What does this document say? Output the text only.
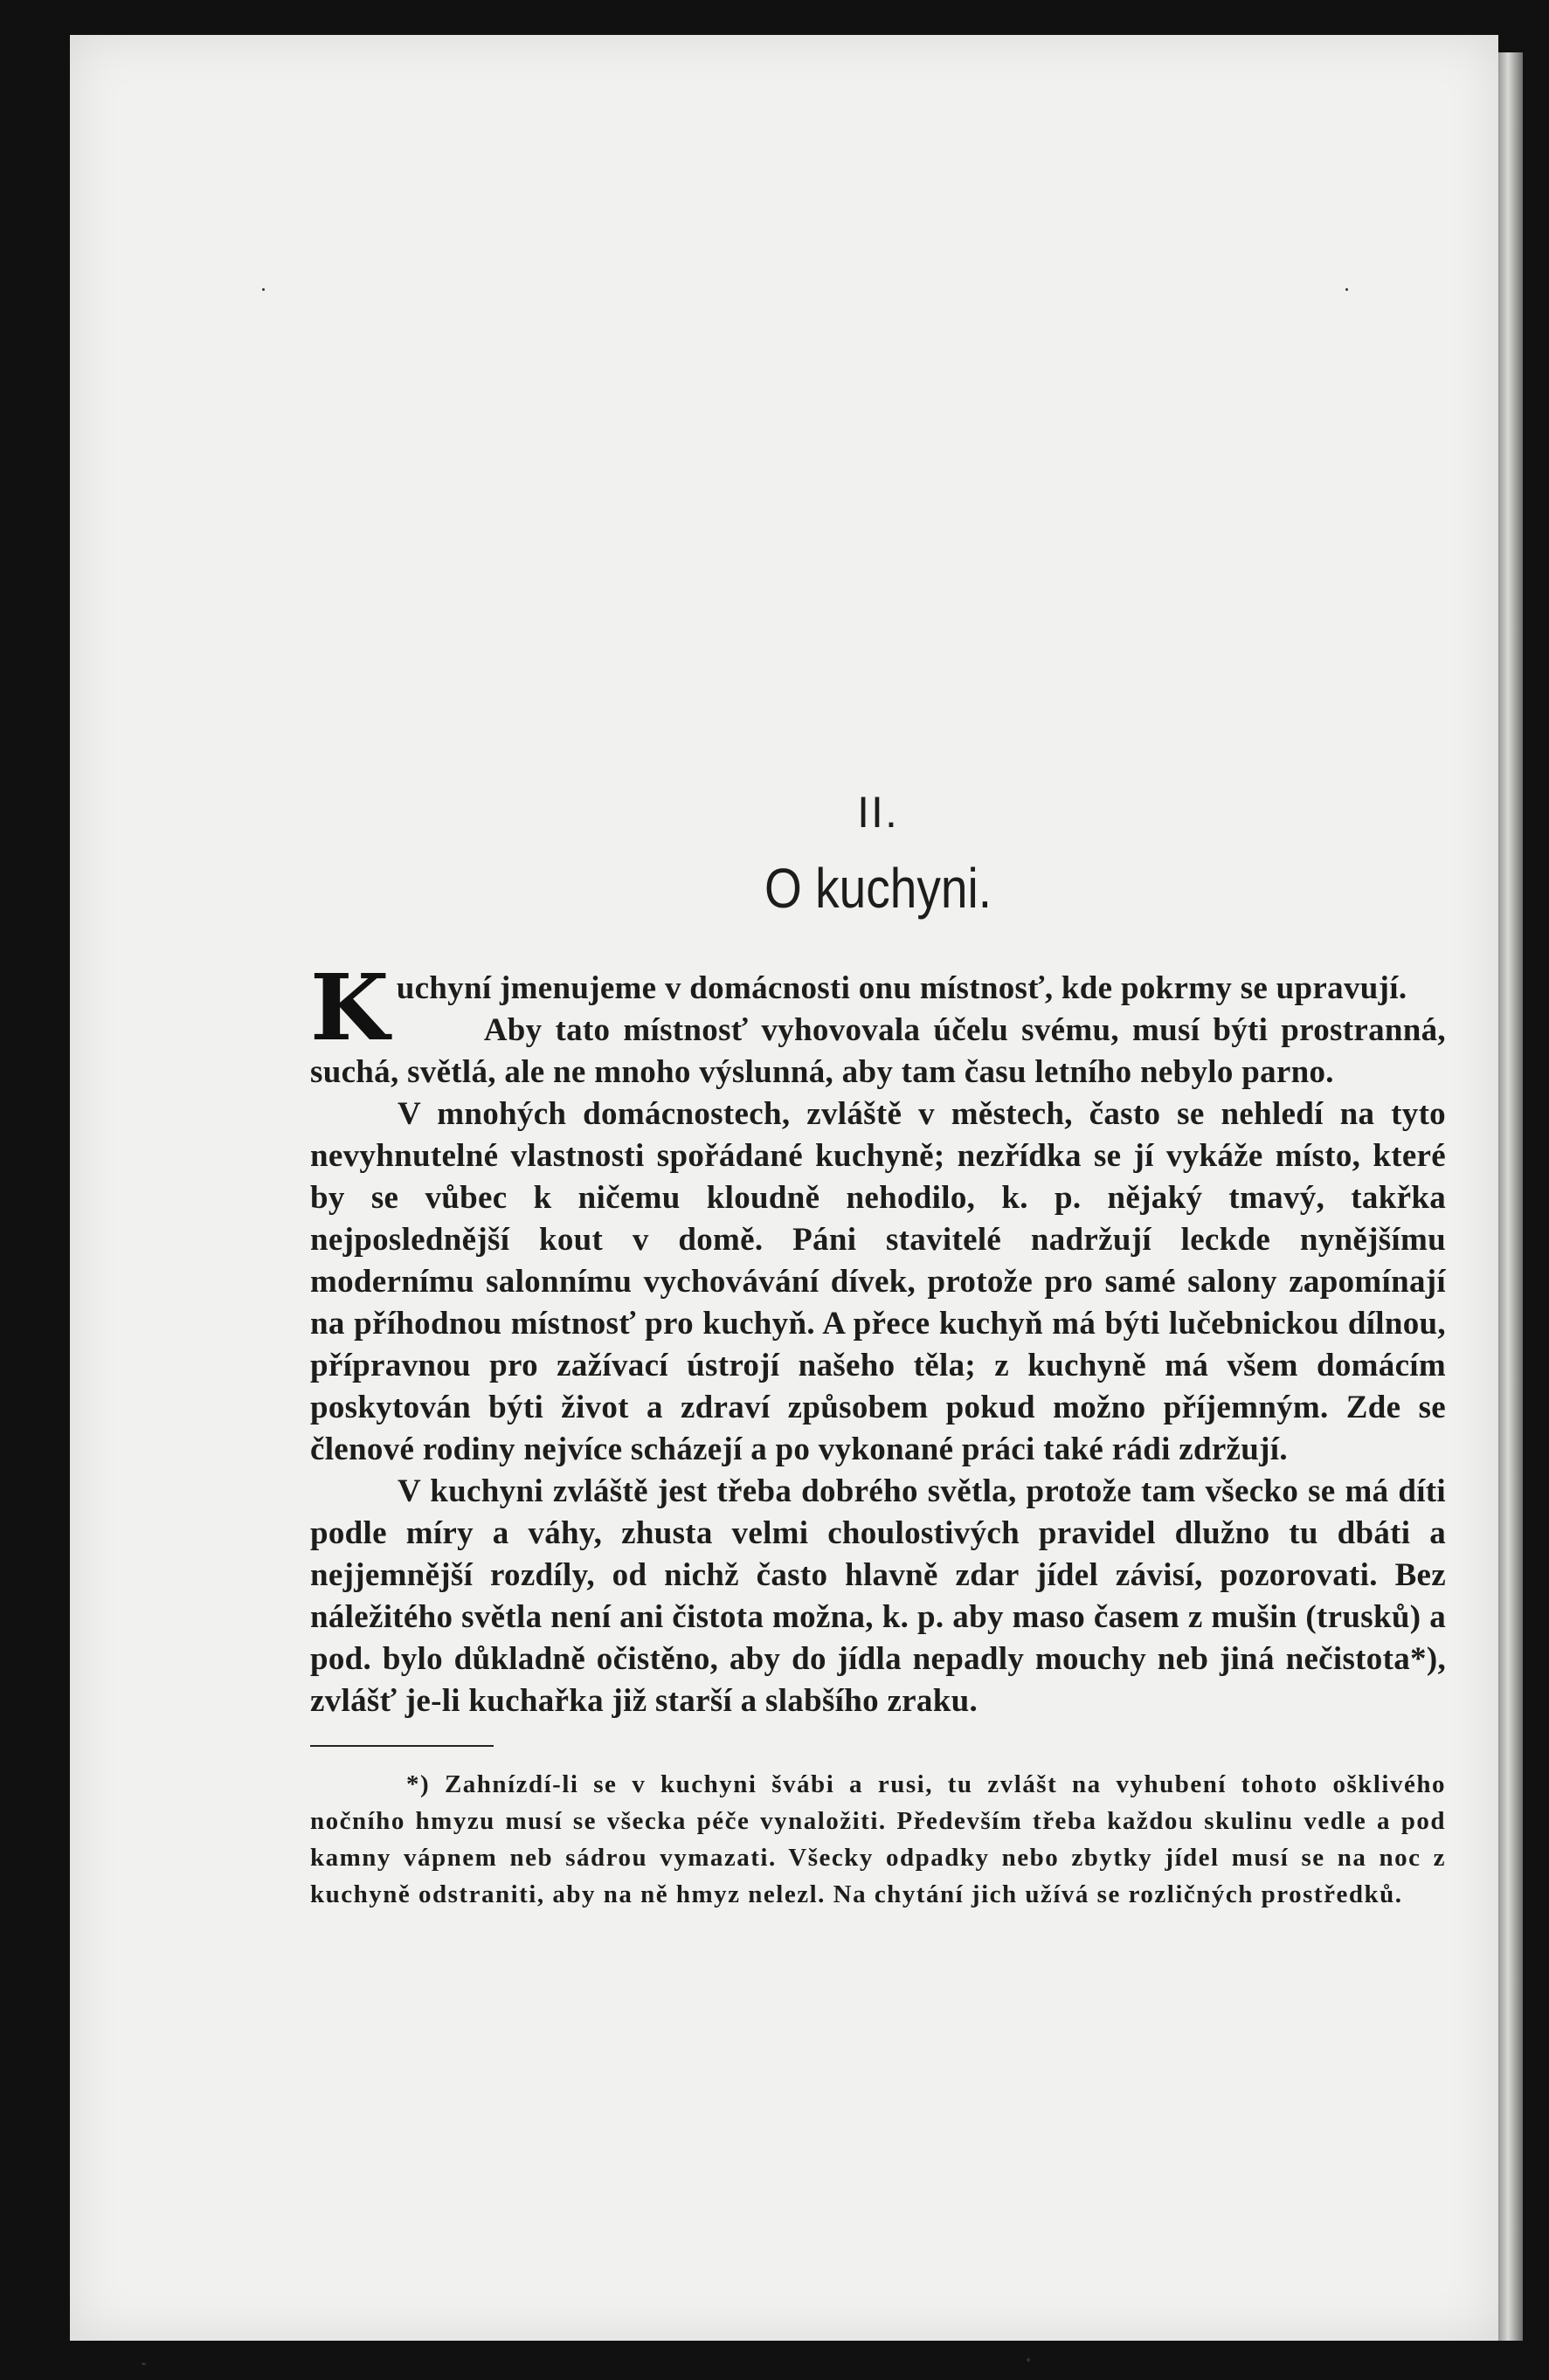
II.
O kuchyni.

Kuchyní jmenujeme v domácnosti onu místnosť, kde pokrmy se upravují.

Aby tato místnosť vyhovovala účelu svému, musí býti prostranná, suchá, světlá, ale ne mnoho výslunná, aby tam času letního nebylo parno.

V mnohých domácnostech, zvláště v městech, často se nehledí na tyto nevyhnutelné vlastnosti spořádané kuchyně; nezřídka se jí vykáže místo, které by se vůbec k ničemu kloudně nehodilo, k. p. nějaký tmavý, takřka nejposlednější kout v domě. Páni stavitelé nadržují leckde nynějšímu modernímu salonnímu vychovávání dívek, protože pro samé salony zapomínají na příhodnou místnosť pro kuchyň. A přece kuchyň má býti lučebnickou dílnou, přípravnou pro zažívací ústrojí našeho těla; z kuchyně má všem domácím poskytován býti život a zdraví způsobem pokud možno příjemným. Zde se členové rodiny nejvíce scházejí a po vykonané práci také rádi zdržují.

V kuchyni zvláště jest třeba dobrého světla, protože tam všecko se má díti podle míry a váhy, zhusta velmi choulostivých pravidel dlužno tu dbáti a nejjemnější rozdíly, od nichž často hlavně zdar jídel závisí, pozorovati. Bez náležitého světla není ani čistota možna, k. p. aby maso časem z mušin (trusků) a pod. bylo důkladně očistěno, aby do jídla nepadly mouchy neb jiná nečistota*), zvlášť je-li kuchařka již starší a slabšího zraku.

*) Zahnízdí-li se v kuchyni švábi a rusi, tu zvlášt na vyhubení tohoto ošklivého nočního hmyzu musí se všecka péče vynaložiti. Především třeba každou skulinu vedle a pod kamny vápnem neb sádrou vymazati. Všecky odpadky nebo zbytky jídel musí se na noc z kuchyně odstraniti, aby na ně hmyz nelezl. Na chytání jich užívá se rozličných prostředků.
